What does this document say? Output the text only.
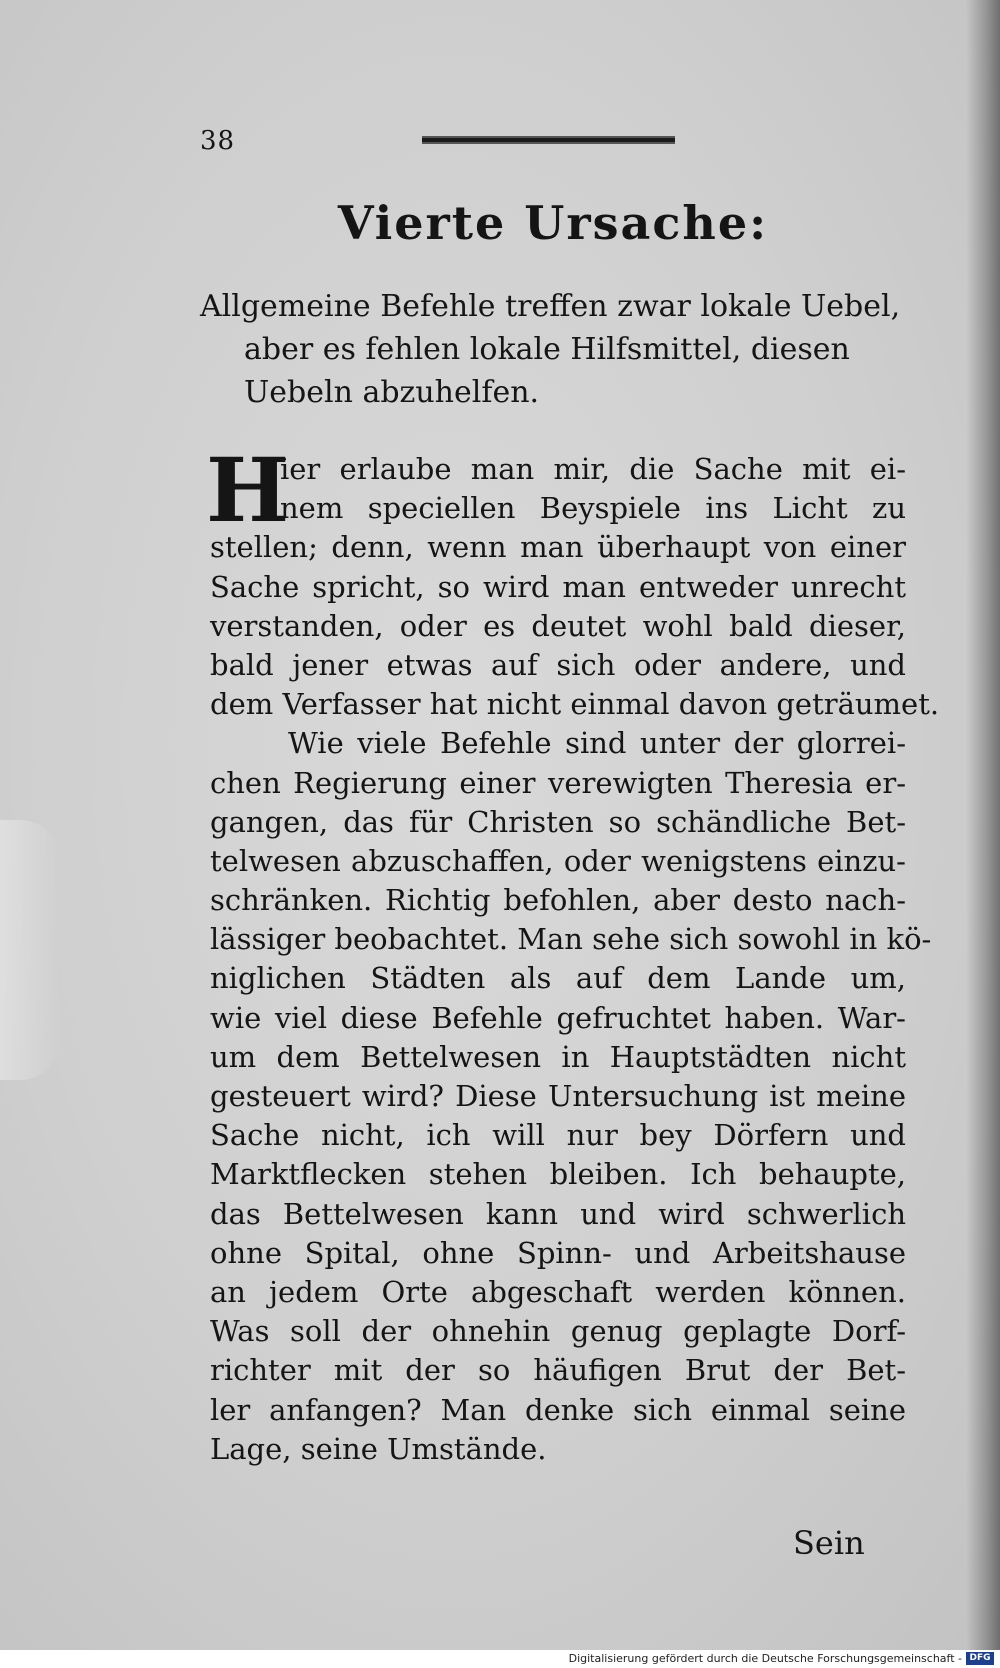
38
Vierte Ursache:
Allgemeine Befehle treffen zwar lokale Uebel,
aber es fehlen lokale Hilfsmittel, diesen
Uebeln abzuhelfen.
H
ier erlaube man mir, die Sache mit ei-
nem speciellen Beyspiele ins Licht zu
stellen; denn, wenn man überhaupt von einer
Sache spricht, so wird man entweder unrecht
verstanden, oder es deutet wohl bald dieser,
bald jener etwas auf sich oder andere, und
dem Verfasser hat nicht einmal davon geträumet.
Wie viele Befehle sind unter der glorrei-
chen Regierung einer verewigten Theresia er-
gangen, das für Christen so schändliche Bet-
telwesen abzuschaffen, oder wenigstens einzu-
schränken. Richtig befohlen, aber desto nach-
lässiger beobachtet. Man sehe sich sowohl in kö-
niglichen Städten als auf dem Lande um,
wie viel diese Befehle gefruchtet haben. War-
um dem Bettelwesen in Hauptstädten nicht
gesteuert wird? Diese Untersuchung ist meine
Sache nicht, ich will nur bey Dörfern und
Marktflecken stehen bleiben. Ich behaupte,
das Bettelwesen kann und wird schwerlich
ohne Spital, ohne Spinn- und Arbeitshause
an jedem Orte abgeschaft werden können.
Was soll der ohnehin genug geplagte Dorf-
richter mit der so häufigen Brut der Bet-
ler anfangen? Man denke sich einmal seine
Lage, seine Umstände.
Sein
Digitalisierung gefördert durch die Deutsche Forschungsgemeinschaft - DFG
